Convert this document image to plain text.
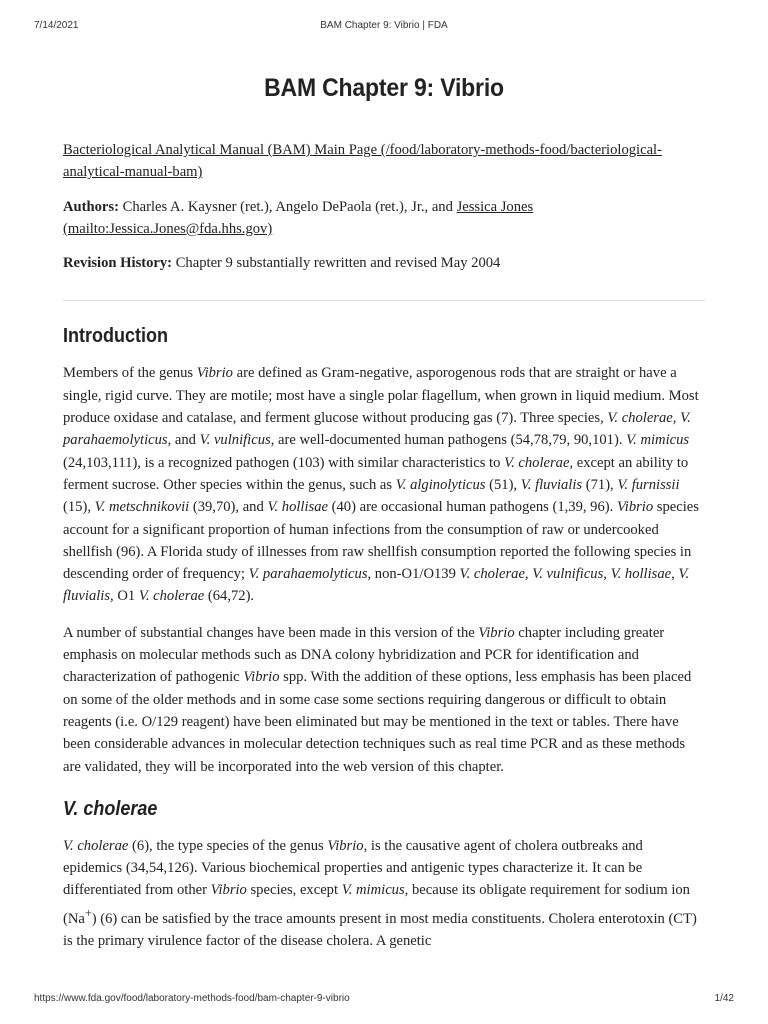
7/14/2021	BAM Chapter 9: Vibrio | FDA
BAM Chapter 9: Vibrio

Bacteriological Analytical Manual (BAM) Main Page (/food/laboratory-methods-food/bacteriological-analytical-manual-bam)

Authors: Charles A. Kaysner (ret.), Angelo DePaola (ret.), Jr., and Jessica Jones (mailto:Jessica.Jones@fda.hhs.gov)

Revision History: Chapter 9 substantially rewritten and revised May 2004

Introduction

Members of the genus Vibrio are defined as Gram-negative, asporogenous rods that are straight or have a single, rigid curve. They are motile; most have a single polar flagellum, when grown in liquid medium. Most produce oxidase and catalase, and ferment glucose without producing gas (7). Three species, V. cholerae, V. parahaemolyticus, and V. vulnificus, are well-documented human pathogens (54,78,79, 90,101). V. mimicus (24,103,111), is a recognized pathogen (103) with similar characteristics to V. cholerae, except an ability to ferment sucrose. Other species within the genus, such as V. alginolyticus (51), V. fluvialis (71), V. furnissii (15), V. metschnikovii (39,70), and V. hollisae (40) are occasional human pathogens (1,39, 96). Vibrio species account for a significant proportion of human infections from the consumption of raw or undercooked shellfish (96). A Florida study of illnesses from raw shellfish consumption reported the following species in descending order of frequency; V. parahaemolyticus, non-O1/O139 V. cholerae, V. vulnificus, V. hollisae, V. fluvialis, O1 V. cholerae (64,72).

A number of substantial changes have been made in this version of the Vibrio chapter including greater emphasis on molecular methods such as DNA colony hybridization and PCR for identification and characterization of pathogenic Vibrio spp. With the addition of these options, less emphasis has been placed on some of the older methods and in some case some sections requiring dangerous or difficult to obtain reagents (i.e. O/129 reagent) have been eliminated but may be mentioned in the text or tables. There have been considerable advances in molecular detection techniques such as real time PCR and as these methods are validated, they will be incorporated into the web version of this chapter.

V. cholerae

V. cholerae (6), the type species of the genus Vibrio, is the causative agent of cholera outbreaks and epidemics (34,54,126). Various biochemical properties and antigenic types characterize it. It can be differentiated from other Vibrio species, except V. mimicus, because its obligate requirement for sodium ion (Na+) (6) can be satisfied by the trace amounts present in most media constituents. Cholera enterotoxin (CT) is the primary virulence factor of the disease cholera. A genetic

https://www.fda.gov/food/laboratory-methods-food/bam-chapter-9-vibrio	1/42
